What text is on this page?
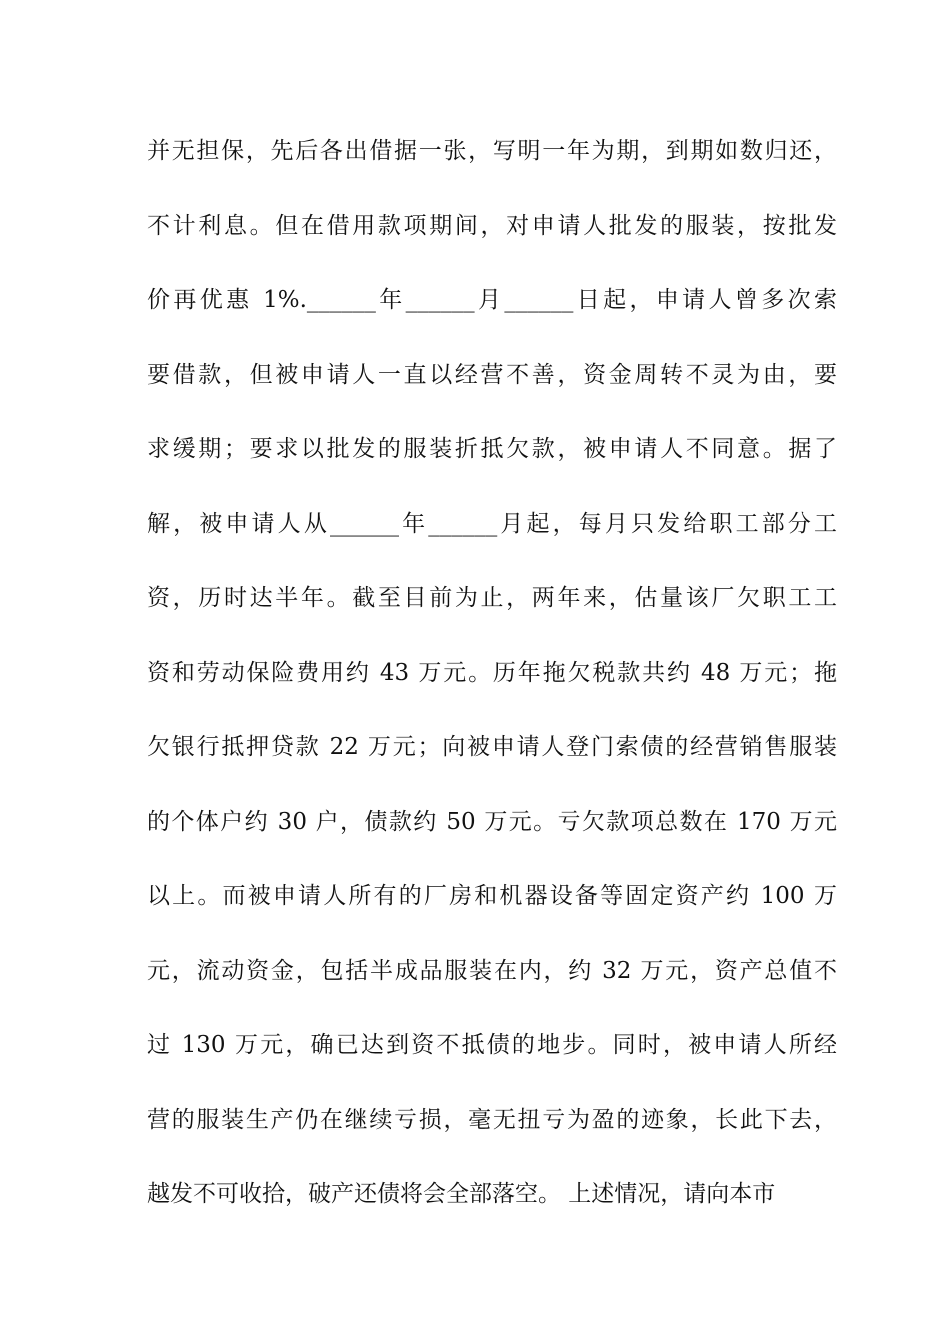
并无担保，先后各出借据一张，写明一年为期，到期如数归还，
不计利息。但在借用款项期间，对申请人批发的服装，按批发
价再优惠 1%.______年______月______日起，申请人曾多次索
要借款，但被申请人一直以经营不善，资金周转不灵为由，要
求缓期；要求以批发的服装折抵欠款，被申请人不同意。据了
解，被申请人从______年______月起，每月只发给职工部分工
资，历时达半年。截至目前为止，两年来，估量该厂欠职工工
资和劳动保险费用约 43 万元。历年拖欠税款共约 48 万元；拖
欠银行抵押贷款 22 万元；向被申请人登门索债的经营销售服装
的个体户约 30 户，债款约 50 万元。亏欠款项总数在 170 万元
以上。而被申请人所有的厂房和机器设备等固定资产约 100 万
元，流动资金，包括半成品服装在内，约 32 万元，资产总值不
过 130 万元，确已达到资不抵债的地步。同时，被申请人所经
营的服装生产仍在继续亏损，毫无扭亏为盈的迹象，长此下去，
越发不可收拾，破产还债将会全部落空。 上述情况，请向本市
